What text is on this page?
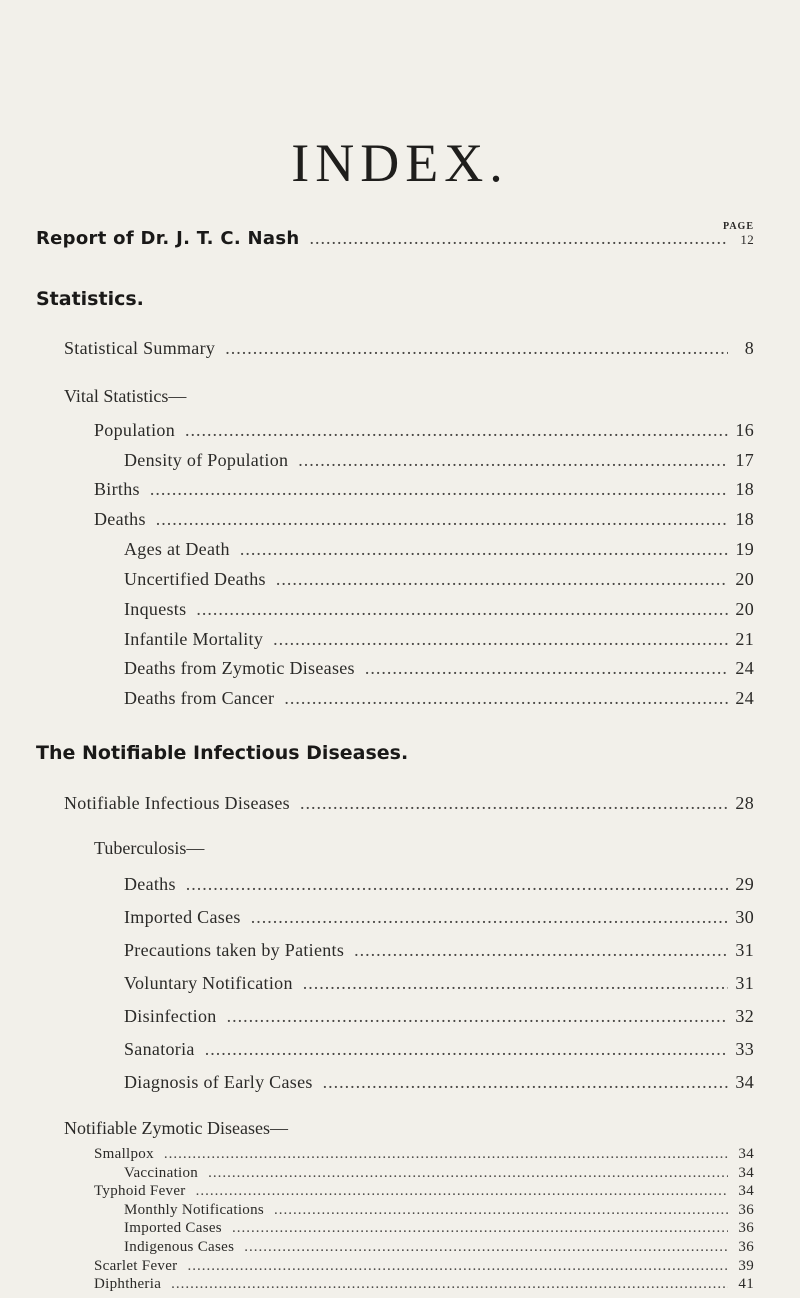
INDEX.
PAGE
Report of Dr. J. T. C. Nash .....	12
Statistics.
Statistical Summary .....	8
Vital Statistics—
Population .....	16
Density of Population .....	17
Births .....	18
Deaths .....	18
Ages at Death .....	19
Uncertified Deaths .....	20
Inquests .....	20
Infantile Mortality .....	21
Deaths from Zymotic Diseases .....	24
Deaths from Cancer .....	24
The Notifiable Infectious Diseases.
Notifiable Infectious Diseases .....	28
Tuberculosis—
Deaths .....	29
Imported Cases .....	30
Precautions taken by Patients .....	31
Voluntary Notification .....	31
Disinfection .....	32
Sanatoria .....	33
Diagnosis of Early Cases .....	34
Notifiable Zymotic Diseases—
Smallpox .....	34
Vaccination .....	34
Typhoid Fever .....	34
Monthly Notifications .....	36
Imported Cases .....	36
Indigenous Cases .....	36
Scarlet Fever .....	39
Diphtheria .....	41
